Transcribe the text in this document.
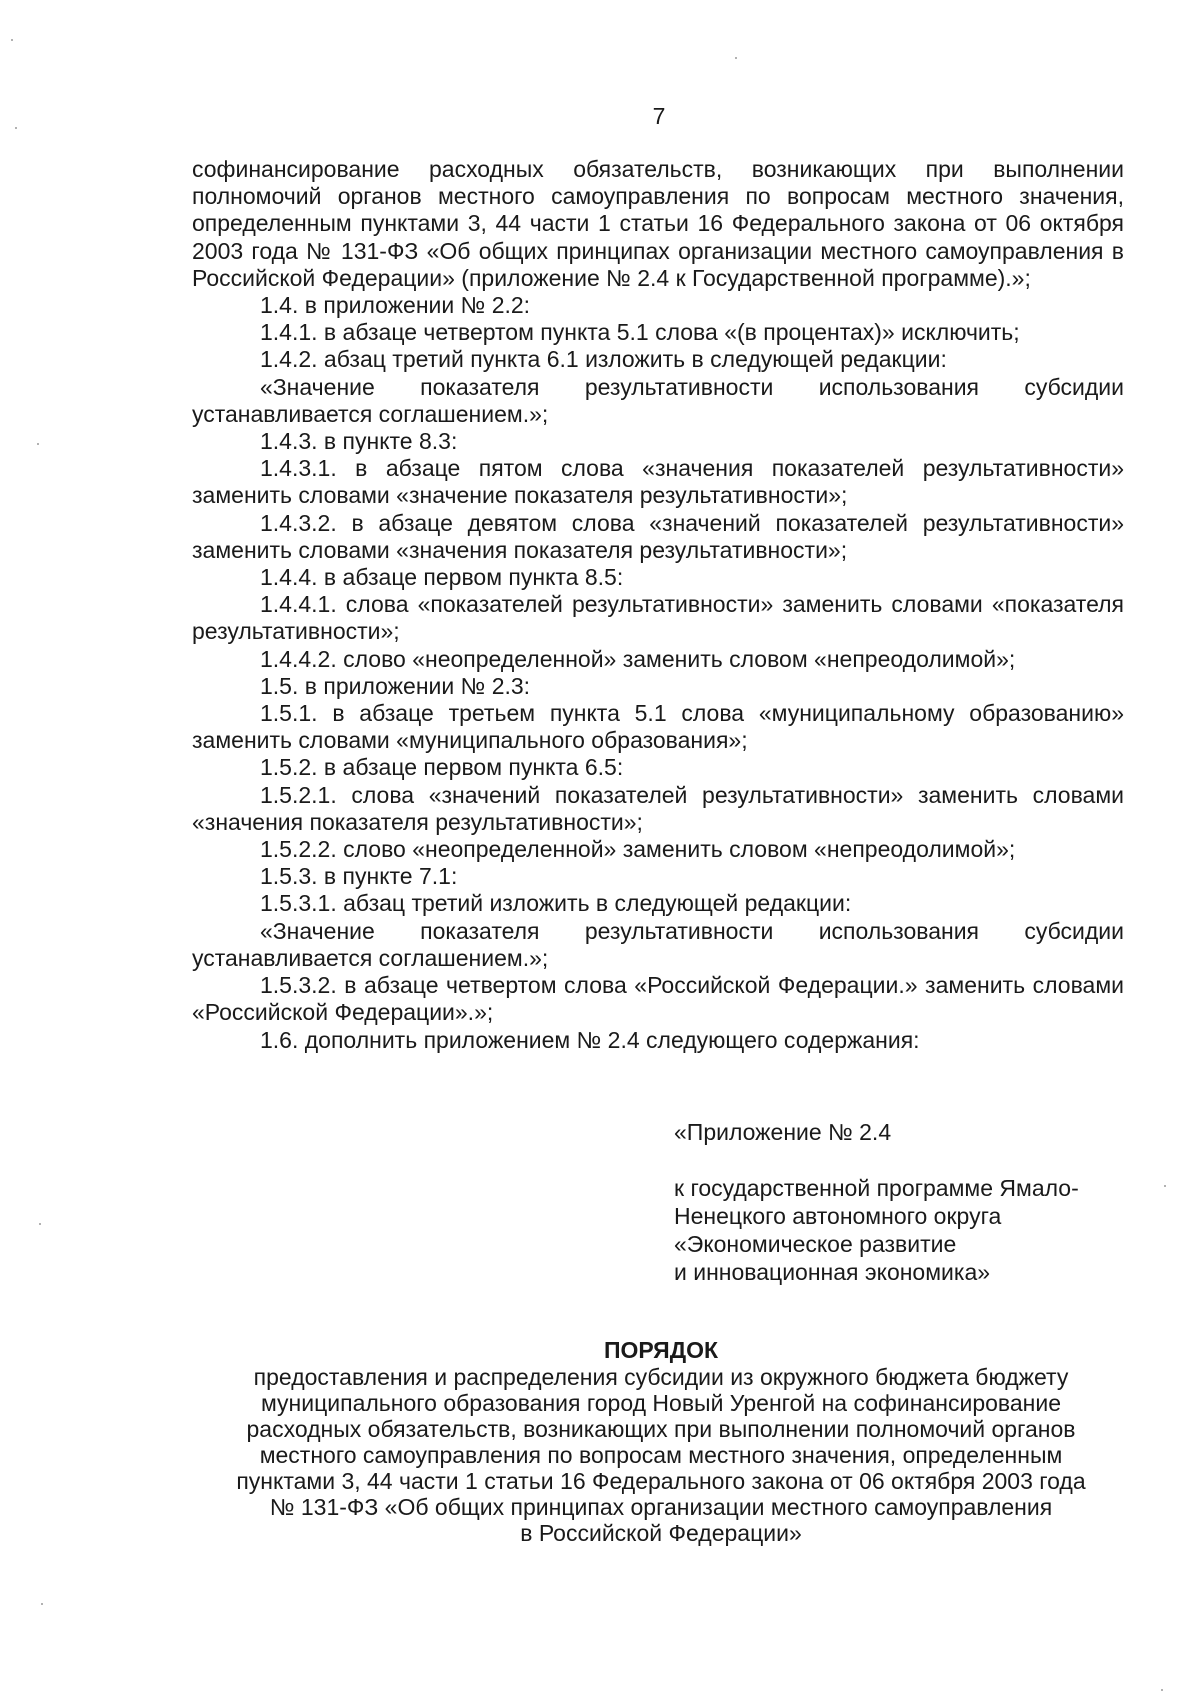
7

софинансирование расходных обязательств, возникающих при выполнении полномочий органов местного самоуправления по вопросам местного значения, определенным пунктами 3, 44 части 1 статьи 16 Федерального закона от 06 октября 2003 года № 131-ФЗ «Об общих принципах организации местного самоуправления в Российской Федерации» (приложение № 2.4 к Государственной программе).»;

1.4. в приложении № 2.2:

1.4.1. в абзаце четвертом пункта 5.1 слова «(в процентах)» исключить;

1.4.2. абзац третий пункта 6.1 изложить в следующей редакции:

«Значение показателя результативности использования субсидии устанавливается соглашением.»;

1.4.3. в пункте 8.3:

1.4.3.1. в абзаце пятом слова «значения показателей результативности» заменить словами «значение показателя результативности»;

1.4.3.2. в абзаце девятом слова «значений показателей результативности» заменить словами «значения показателя результативности»;

1.4.4. в абзаце первом пункта 8.5:

1.4.4.1. слова «показателей результативности» заменить словами «показателя результативности»;

1.4.4.2. слово «неопределенной» заменить словом «непреодолимой»;

1.5. в приложении № 2.3:

1.5.1. в абзаце третьем пункта 5.1 слова «муниципальному образованию» заменить словами «муниципального образования»;

1.5.2. в абзаце первом пункта 6.5:

1.5.2.1. слова «значений показателей результативности» заменить словами «значения показателя результативности»;

1.5.2.2. слово «неопределенной» заменить словом «непреодолимой»;

1.5.3. в пункте 7.1:

1.5.3.1. абзац третий изложить в следующей редакции:

«Значение показателя результативности использования субсидии устанавливается соглашением.»;

1.5.3.2. в абзаце четвертом слова «Российской Федерации.» заменить словами «Российской Федерации».»;

1.6. дополнить приложением № 2.4 следующего содержания:

«Приложение № 2.4

к государственной программе Ямало-

Ненецкого автономного округа

«Экономическое развитие

и инновационная экономика»

ПОРЯДОК

предоставления и распределения субсидии из окружного бюджета бюджету

муниципального образования город Новый Уренгой на софинансирование

расходных обязательств, возникающих при выполнении полномочий органов

местного самоуправления по вопросам местного значения, определенным

пунктами 3, 44 части 1 статьи 16 Федерального закона от 06 октября 2003 года

№ 131-ФЗ «Об общих принципах организации местного самоуправления

в Российской Федерации»
